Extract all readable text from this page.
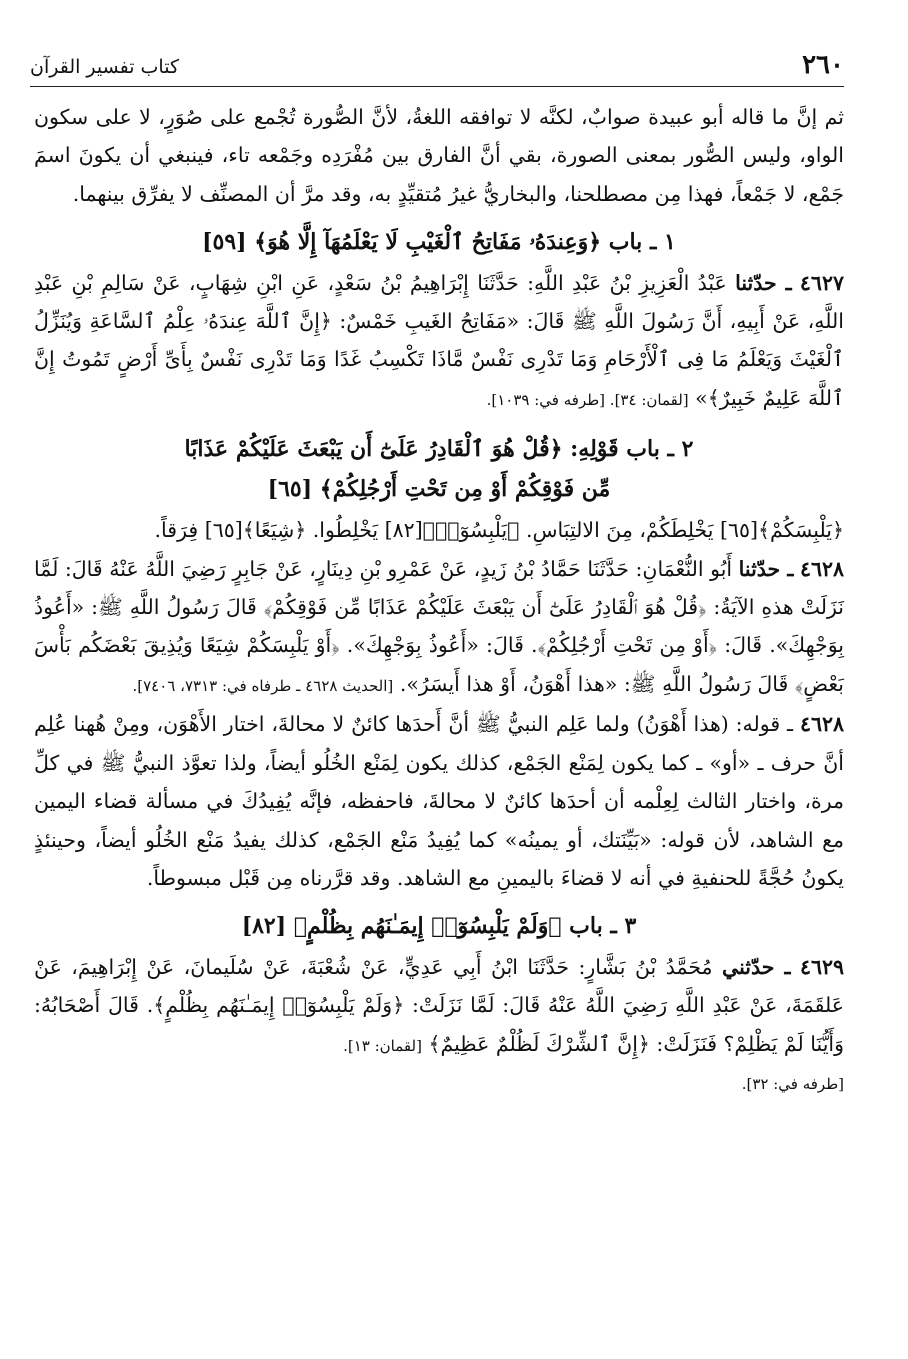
٢٦٠
كتاب تفسير القرآن

ثم إنَّ ما قاله أبو عبيدة صوابٌ، لكنَّه لا توافقه اللغةُ، لأنَّ الصُّورة تُجْمع على صُوَرٍ، لا على سكون الواو، وليس الصُّور بمعنى الصورة، بقي أنَّ الفارق بين مُفْرَدِه وجَمْعه تاء، فينبغي أن يكونَ اسمَ جَمْع، لا جَمْعاً، فهذا مِن مصطلحنا، والبخاريُّ غيرُ مُتقيِّدٍ به، وقد مرَّ أن المصنِّف لا يفرِّق بينهما.

١ ـ باب ﴿وَعِندَهُۥ مَفَاتِحُ ٱلْغَيْبِ لَا يَعْلَمُهَآ إِلَّا هُوَ﴾ [٥٩]

٤٦٢٧ ـ حدّثنا عَبْدُ الْعَزِيزِ بْنُ عَبْدِ اللَّهِ: حَدَّثَنَا إِبْرَاهِيمُ بْنُ سَعْدٍ، عَنِ ابْنِ شِهَابٍ، عَنْ سَالِمِ بْنِ عَبْدِ اللَّهِ، عَنْ أَبِيهِ، أَنَّ رَسُولَ اللَّهِ ﷺ قَالَ: «مَفَاتِحُ الغَيبِ خَمْسٌ: ﴿إِنَّ ٱللَّهَ عِندَهُۥ عِلْمُ ٱلسَّاعَةِ وَيُنَزِّلُ ٱلْغَيْثَ وَيَعْلَمُ مَا فِى ٱلْأَرْحَامِ وَمَا تَدْرِى نَفْسٌ مَّاذَا تَكْسِبُ غَدًا وَمَا تَدْرِى نَفْسٌ بِأَىِّ أَرْضٍ تَمُوتُ إِنَّ ٱللَّهَ عَلِيمٌ خَبِيرٌ﴾» [لقمان: ٣٤]. [طرفه في: ١٠٣٩].

٢ ـ باب قَوْلِهِ: ﴿قُلْ هُوَ ٱلْقَادِرُ عَلَىٰٓ أَن يَبْعَثَ عَلَيْكُمْ عَذَابًا
مِّن فَوْقِكُمْ أَوْ مِن تَحْتِ أَرْجُلِكُمْ﴾ [٦٥]

﴿يَلْبِسَكُمْ﴾[٦٥] يَخْلِطَكُمْ، مِنَ الالتِبَاسِ. ﴿يَلْبِسُوٓا۟﴾[٨٢] يَخْلِطُوا. ﴿شِيَعًا﴾[٦٥] فِرَقاً.

٤٦٢٨ ـ حدّثنا أَبُو النُّعْمَانِ: حَدَّثَنَا حَمَّادُ بْنُ زَيدٍ، عَنْ عَمْرِو بْنِ دِينَارٍ، عَنْ جَابِرٍ رَضِيَ اللَّهُ عَنْهُ قَالَ: لَمَّا نَزَلَتْ هذهِ الآيَةُ: ﴿قُلْ هُوَ ٱلْقَادِرُ عَلَىٰٓ أَن يَبْعَثَ عَلَيْكُمْ عَذَابًا مِّن فَوْقِكُمْ﴾ قَالَ رَسُولُ اللَّهِ ﷺ: «أَعُوذُ بِوَجْهِكَ». قَالَ: ﴿أَوْ مِن تَحْتِ أَرْجُلِكُمْ﴾. قَالَ: «أَعُوذُ بِوَجْهِكَ». ﴿أَوْ يَلْبِسَكُمْ شِيَعًا وَيُذِيقَ بَعْضَكُم بَأْسَ بَعْضٍ﴾ قَالَ رَسُولُ اللَّهِ ﷺ: «هذا أَهْوَنُ، أَوْ هذا أَيسَرُ». [الحديث ٤٦٢٨ ـ طرفاه في: ٧٣١٣، ٧٤٠٦].

٤٦٢٨ ـ قوله: (هذا أَهْوَنُ) ولما عَلِم النبيُّ ﷺ أنَّ أَحدَها كائنٌ لا محالةَ، اختار الأَهْوَن، ومِنْ هُهنا عُلِم أنَّ حرف ـ «أو» ـ كما يكون لِمَنْع الجَمْع، كذلك يكون لِمَنْع الخُلُو أيضاً، ولذا تعوَّذ النبيُّ ﷺ في كلِّ مرة، واختار الثالث لِعِلْمه أن أحدَها كائنٌ لا محالةَ، فاحفظه، فإنَّه يُفِيدُكَ في مسألة قضاء اليمين مع الشاهد، لأن قوله: «بَيِّنَتك، أو يمينُه» كما يُفِيدُ مَنْع الجَمْع، كذلك يفيدُ مَنْع الخُلُو أيضاً، وحينئذٍ يكونُ حُجَّةً للحنفيةِ في أنه لا قضاءَ باليمينِ مع الشاهد. وقد قرَّرناه مِن قَبْل مبسوطاً.

٣ ـ باب ﴿وَلَمْ يَلْبِسُوٓا۟ إِيمَـٰنَهُم بِظُلْمٍ﴾ [٨٢]

٤٦٢٩ ـ حدّثني مُحَمَّدُ بْنُ بَشَّارٍ: حَدَّثَنَا ابْنُ أَبِي عَدِيٍّ، عَنْ شُعْبَةَ، عَنْ سُلَيمانَ، عَنْ إِبْرَاهِيمَ، عَنْ عَلقَمَةَ، عَنْ عَبْدِ اللَّهِ رَضِيَ اللَّهُ عَنْهُ قَالَ: لَمَّا نَزَلَتْ: ﴿وَلَمْ يَلْبِسُوٓا۟ إِيمَـٰنَهُم بِظُلْمٍ﴾. قَالَ أَصْحَابُهُ: وَأَيُّنَا لَمْ يَظْلِمْ؟ فَنَزَلَتْ: ﴿إِنَّ ٱلشِّرْكَ لَظُلْمٌ عَظِيمٌ﴾ [لقمان: ١٣].

[طرفه في: ٣٢].
